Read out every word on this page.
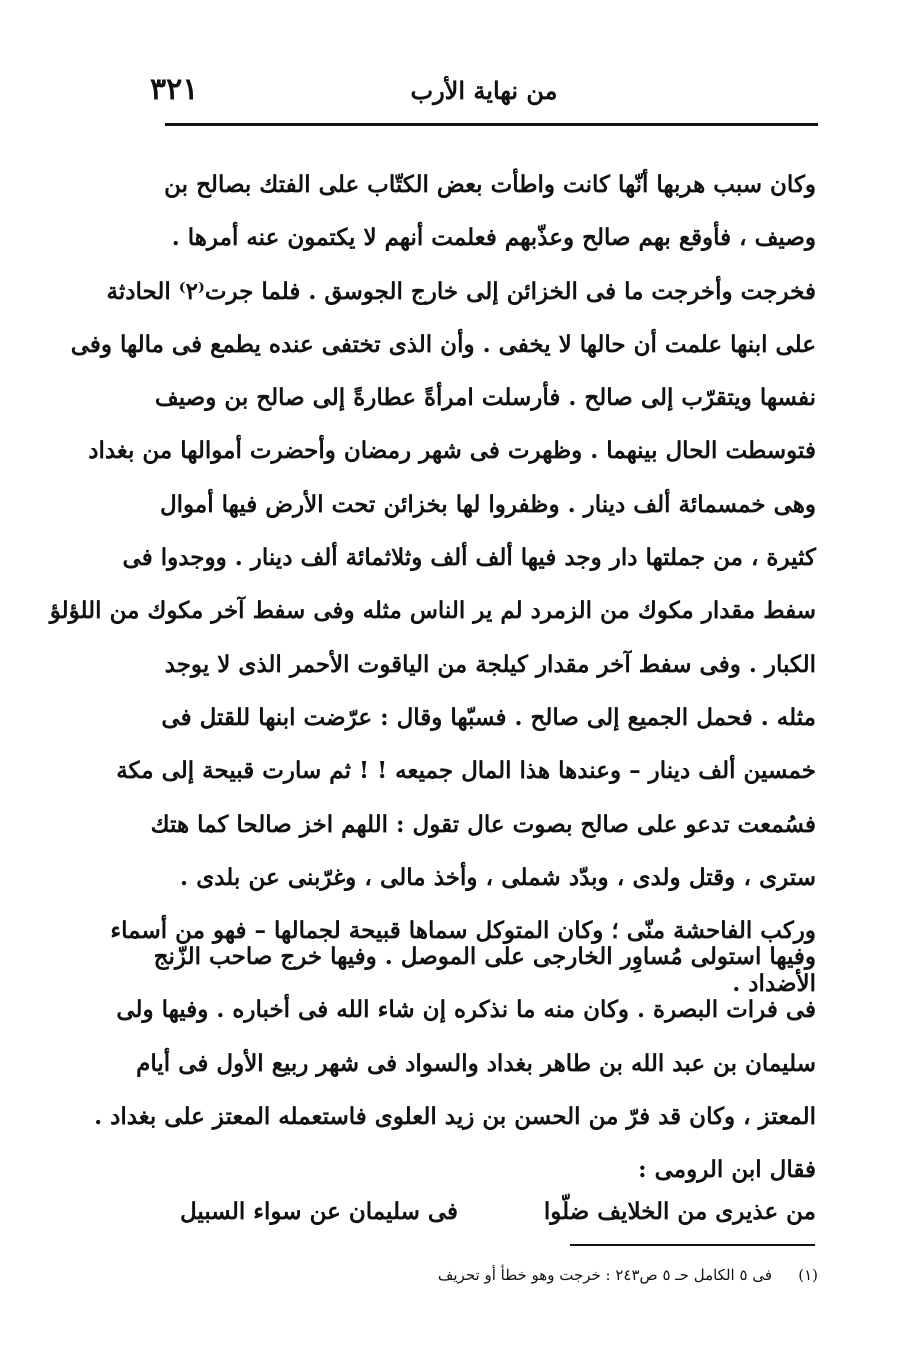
٣٢١	من نهاية الأرب
وكان سبب هربها أنّها كانت واطأت بعض الكتّاب على الفتك بصالح بن
وصيف ، فأوقع بهم صالح وعذّبهم فعلمت أنهم لا يكتمون عنه أمرها .
فخرجت وأخرجت ما فى الخزائن إلى خارج الجوسق . فلما جرت⁽٢⁾ الحادثة
على ابنها علمت أن حالها لا يخفى . وأن الذى تختفى عنده يطمع فى مالها وفى
نفسها ويتقرّب إلى صالح . فأرسلت امرأةً عطارةً إلى صالح بن وصيف
فتوسطت الحال بينهما . وظهرت فى شهر رمضان وأحضرت أموالها من بغداد
وهى خمسمائة ألف دينار . وظفروا لها بخزائن تحت الأرض فيها أموال
كثيرة ، من جملتها دار وجد فيها ألف ألف وثلاثمائة ألف دينار . ووجدوا فى
سفط مقدار مكوك من الزمرد لم ير الناس مثله وفى سفط آخر مكوك من اللؤلؤ
الكبار . وفى سفط آخر مقدار كيلجة من الياقوت الأحمر الذى لا يوجد
مثله . فحمل الجميع إلى صالح . فسبّها وقال : عرّضت ابنها للقتل فى
خمسين ألف دينار – وعندها هذا المال جميعه ! ! ثم سارت قبيحة إلى مكة
فسُمعت تدعو على صالح بصوت عال تقول : اللهم اخز صالحا كما هتك
سترى ، وقتل ولدى ، وبدّد شملى ، وأخذ مالى ، وغرّبنى عن بلدى .
وركب الفاحشة منّى ؛ وكان المتوكل سماها قبيحة لجمالها – فهو من أسماء
الأضداد .
وفيها استولى مُساوِر الخارجى على الموصل . وفيها خرج صاحب الزّنج
فى فرات البصرة . وكان منه ما نذكره إن شاء الله فى أخباره . وفيها ولى
سليمان بن عبد الله بن طاهر بغداد والسواد فى شهر ربيع الأول فى أيام
المعتز ، وكان قد فرّ من الحسن بن زيد العلوى فاستعمله المعتز على بغداد .
فقال ابن الرومى :
من عذيرى من الخلايف ضلّوا
فى سليمان عن سواء السبيل
(١)
فى ٥ الكامل حـ ٥ ص٢٤٣ : خرجت وهو خطأ أو تحريف
